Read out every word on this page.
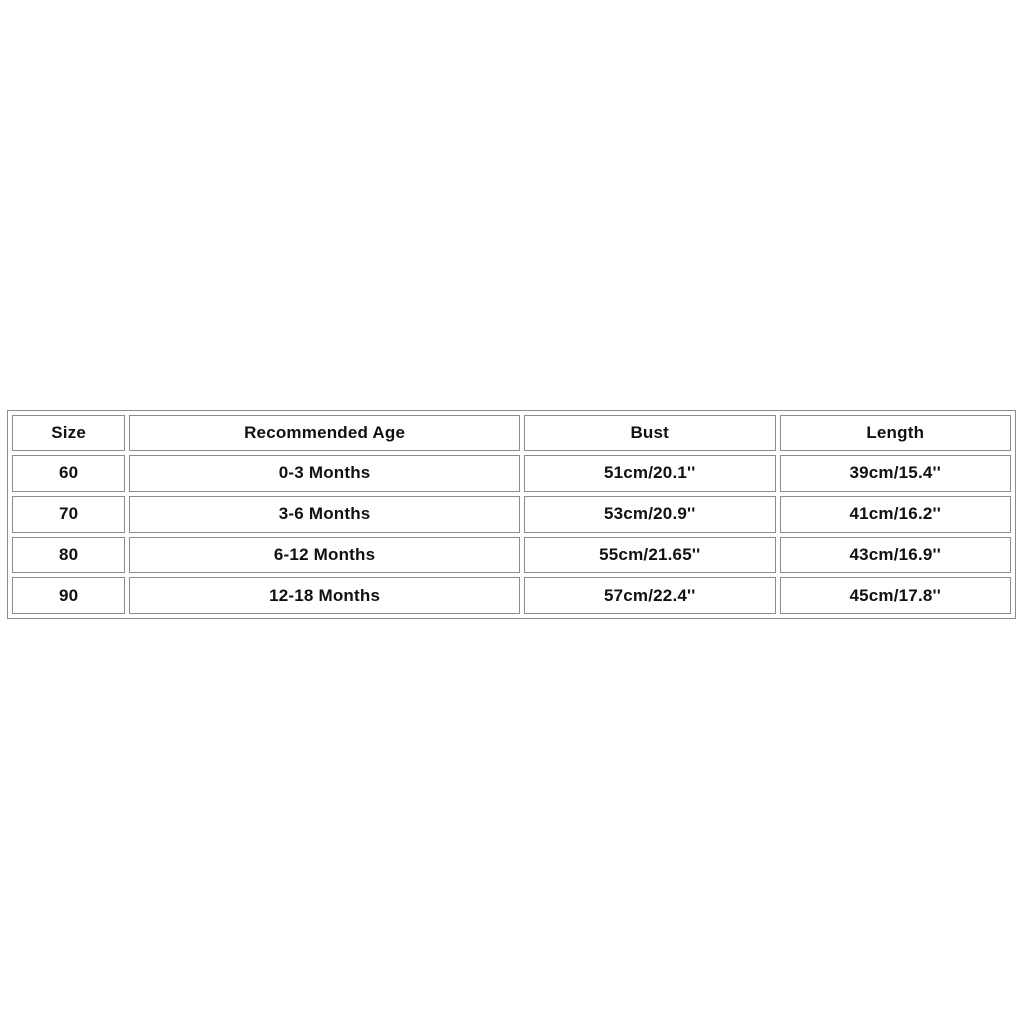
Size	Recommended Age	Bust	Length
60	0-3 Months	51cm/20.1''	39cm/15.4''
70	3-6 Months	53cm/20.9''	41cm/16.2''
80	6-12 Months	55cm/21.65''	43cm/16.9''
90	12-18 Months	57cm/22.4''	45cm/17.8''
